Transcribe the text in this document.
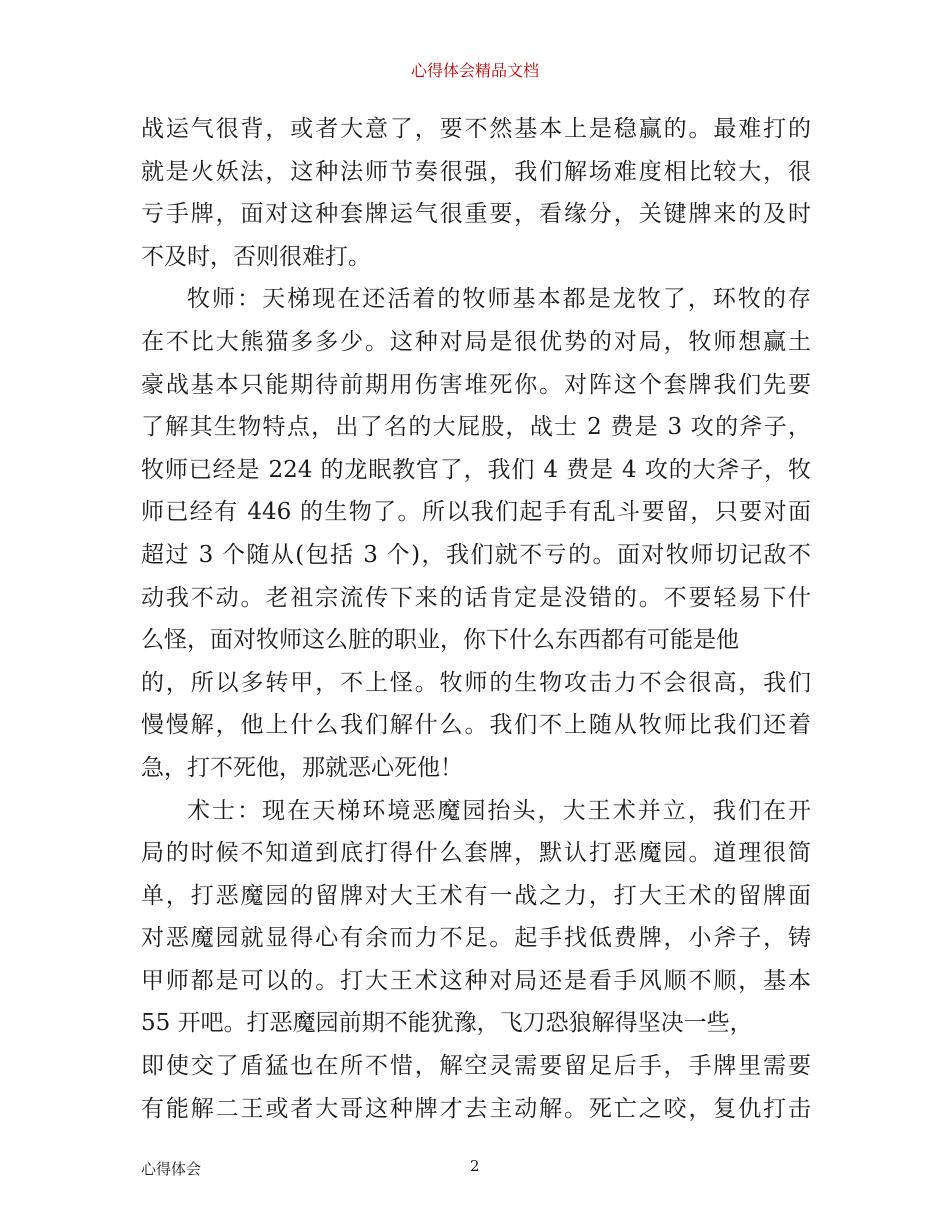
心得体会精品文档
战运气很背，或者大意了，要不然基本上是稳赢的。最难打的
就是火妖法，这种法师节奏很强，我们解场难度相比较大，很
亏手牌，面对这种套牌运气很重要，看缘分，关键牌来的及时
不及时，否则很难打。
牧师：天梯现在还活着的牧师基本都是龙牧了，环牧的存
在不比大熊猫多多少。这种对局是很优势的对局，牧师想赢土
豪战基本只能期待前期用伤害堆死你。对阵这个套牌我们先要
了解其生物特点，出了名的大屁股，战士 2 费是 3 攻的斧子，
牧师已经是 224 的龙眠教官了，我们 4 费是 4 攻的大斧子，牧
师已经有 446 的生物了。所以我们起手有乱斗要留，只要对面
超过 3 个随从(包括 3 个)，我们就不亏的。面对牧师切记敌不
动我不动。老祖宗流传下来的话肯定是没错的。不要轻易下什
么怪，面对牧师这么脏的职业，你下什么东西都有可能是他
的，所以多转甲，不上怪。牧师的生物攻击力不会很高，我们
慢慢解，他上什么我们解什么。我们不上随从牧师比我们还着
急，打不死他，那就恶心死他！
术士：现在天梯环境恶魔园抬头，大王术并立，我们在开
局的时候不知道到底打得什么套牌，默认打恶魔园。道理很简
单，打恶魔园的留牌对大王术有一战之力，打大王术的留牌面
对恶魔园就显得心有余而力不足。起手找低费牌，小斧子，铸
甲师都是可以的。打大王术这种对局还是看手风顺不顺，基本
55 开吧。打恶魔园前期不能犹豫，飞刀恐狼解得坚决一些，
即使交了盾猛也在所不惜，解空灵需要留足后手，手牌里需要
有能解二王或者大哥这种牌才去主动解。死亡之咬，复仇打击
心得体会	2
